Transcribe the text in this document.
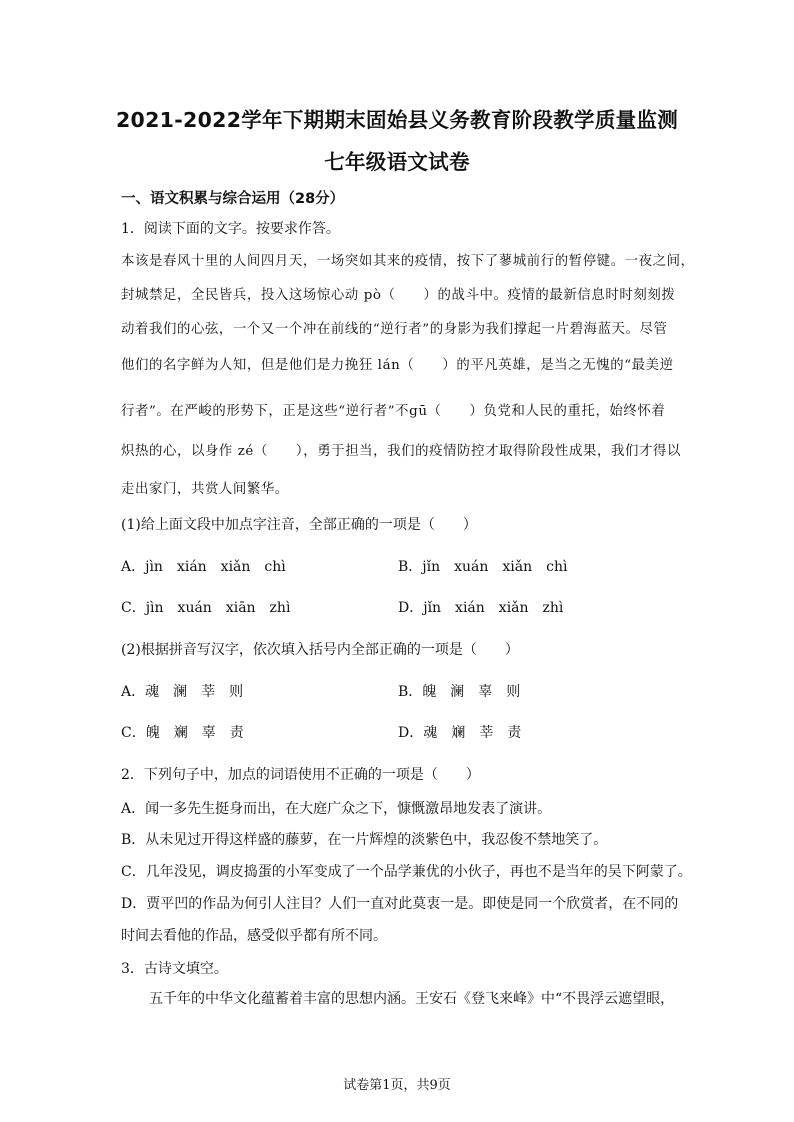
2021-2022学年下期期末固始县义务教育阶段教学质量监测
七年级语文试卷
一、语文积累与综合运用（28分）
1．阅读下面的文字。按要求作答。
本该是春风十里的人间四月天，一场突如其来的疫情，按下了蓼城前行的暂停键。一夜之间，
封城禁足，全民皆兵，投入这场惊心动 pò（　　）的战斗中。疫情的最新信息时时刻刻拨
动着我们的心弦，一个又一个冲在前线的“逆行者”的身影为我们撑起一片碧海蓝天。尽管
他们的名字鲜为人知，但是他们是力挽狂 lán（　　）的平凡英雄，是当之无愧的“最美逆
行者”。在严峻的形势下，正是这些“逆行者”不gū（　　）负党和人民的重托，始终怀着
炽热的心，以身作 zé（　　），勇于担当，我们的疫情防控才取得阶段性成果，我们才得以
走出家门，共赏人间繁华。
(1)给上面文段中加点字注音，全部正确的一项是（　　）
A．jìn　xián　xiǎn　chì	B．jǐn　xuán　xiǎn　chì
C．jìn　xuán　xiān　zhì	D．jǐn　xián　xiǎn　zhì
(2)根据拼音写汉字，依次填入括号内全部正确的一项是（　　）
A．魂　澜　莘　则	B．魄　澜　辜　则
C．魄　斓　辜　责	D．魂　斓　莘　责
2．下列句子中，加点的词语使用不正确的一项是（　　）
A．闻一多先生挺身而出，在大庭广众之下，慷慨激昂地发表了演讲。
B．从未见过开得这样盛的藤萝，在一片辉煌的淡紫色中，我忍俊不禁地笑了。
C．几年没见，调皮捣蛋的小军变成了一个品学兼优的小伙子，再也不是当年的吴下阿蒙了。
D．贾平凹的作品为何引人注目？人们一直对此莫衷一是。即使是同一个欣赏者，在不同的
时间去看他的作品，感受似乎都有所不同。
3．古诗文填空。
五千年的中华文化蕴蓄着丰富的思想内涵。王安石《登飞来峰》中“不畏浮云遮望眼，
试卷第1页，共9页
